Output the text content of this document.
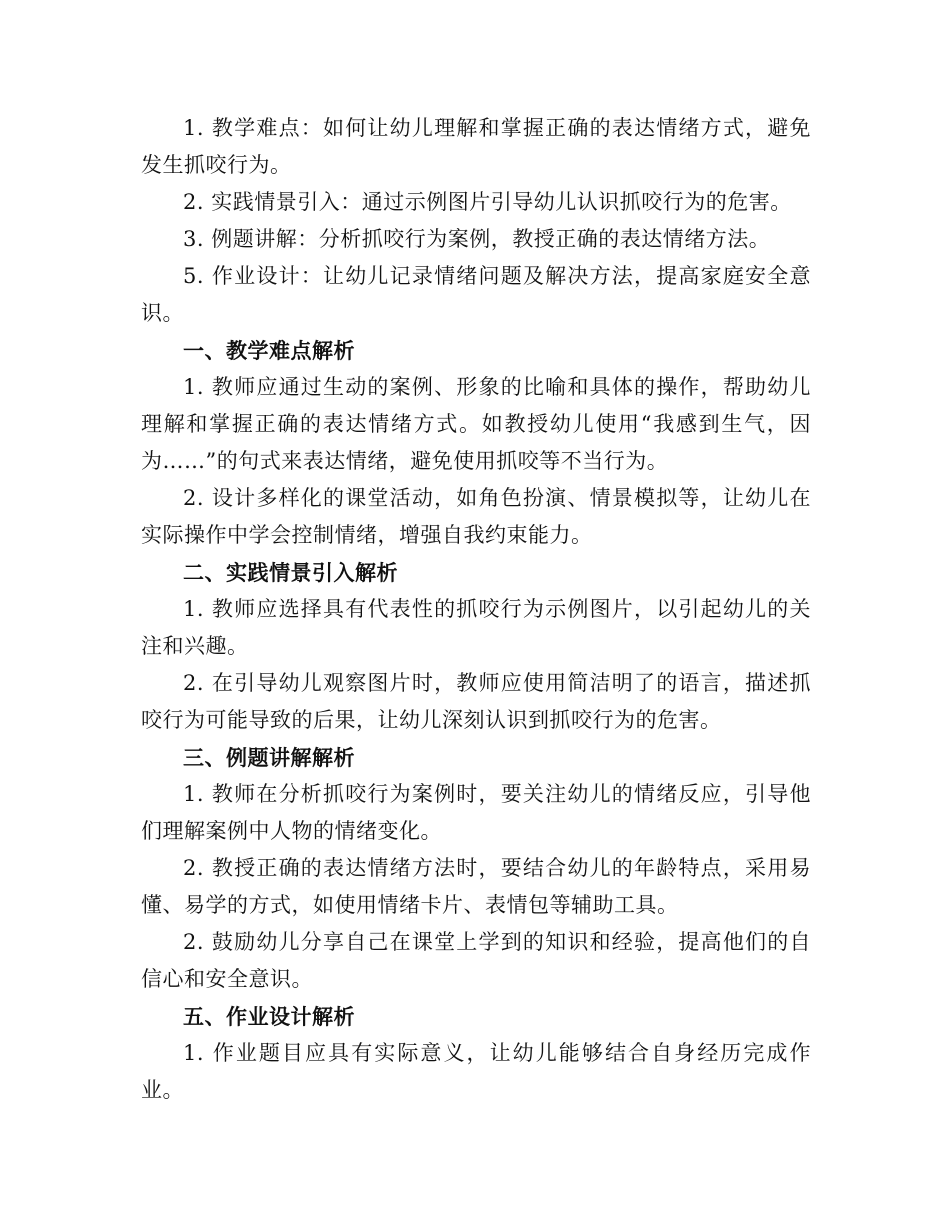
1. 教学难点：如何让幼儿理解和掌握正确的表达情绪方式，避免发生抓咬行为。

2. 实践情景引入：通过示例图片引导幼儿认识抓咬行为的危害。

3. 例题讲解：分析抓咬行为案例，教授正确的表达情绪方法。

5. 作业设计：让幼儿记录情绪问题及解决方法，提高家庭安全意识。

一、教学难点解析

1. 教师应通过生动的案例、形象的比喻和具体的操作，帮助幼儿理解和掌握正确的表达情绪方式。如教授幼儿使用“我感到生气，因为……”的句式来表达情绪，避免使用抓咬等不当行为。

2. 设计多样化的课堂活动，如角色扮演、情景模拟等，让幼儿在实际操作中学会控制情绪，增强自我约束能力。

二、实践情景引入解析

1. 教师应选择具有代表性的抓咬行为示例图片，以引起幼儿的关注和兴趣。

2. 在引导幼儿观察图片时，教师应使用简洁明了的语言，描述抓咬行为可能导致的后果，让幼儿深刻认识到抓咬行为的危害。

三、例题讲解解析

1. 教师在分析抓咬行为案例时，要关注幼儿的情绪反应，引导他们理解案例中人物的情绪变化。

2. 教授正确的表达情绪方法时，要结合幼儿的年龄特点，采用易懂、易学的方式，如使用情绪卡片、表情包等辅助工具。

2. 鼓励幼儿分享自己在课堂上学到的知识和经验，提高他们的自信心和安全意识。

五、作业设计解析

1. 作业题目应具有实际意义，让幼儿能够结合自身经历完成作业。
